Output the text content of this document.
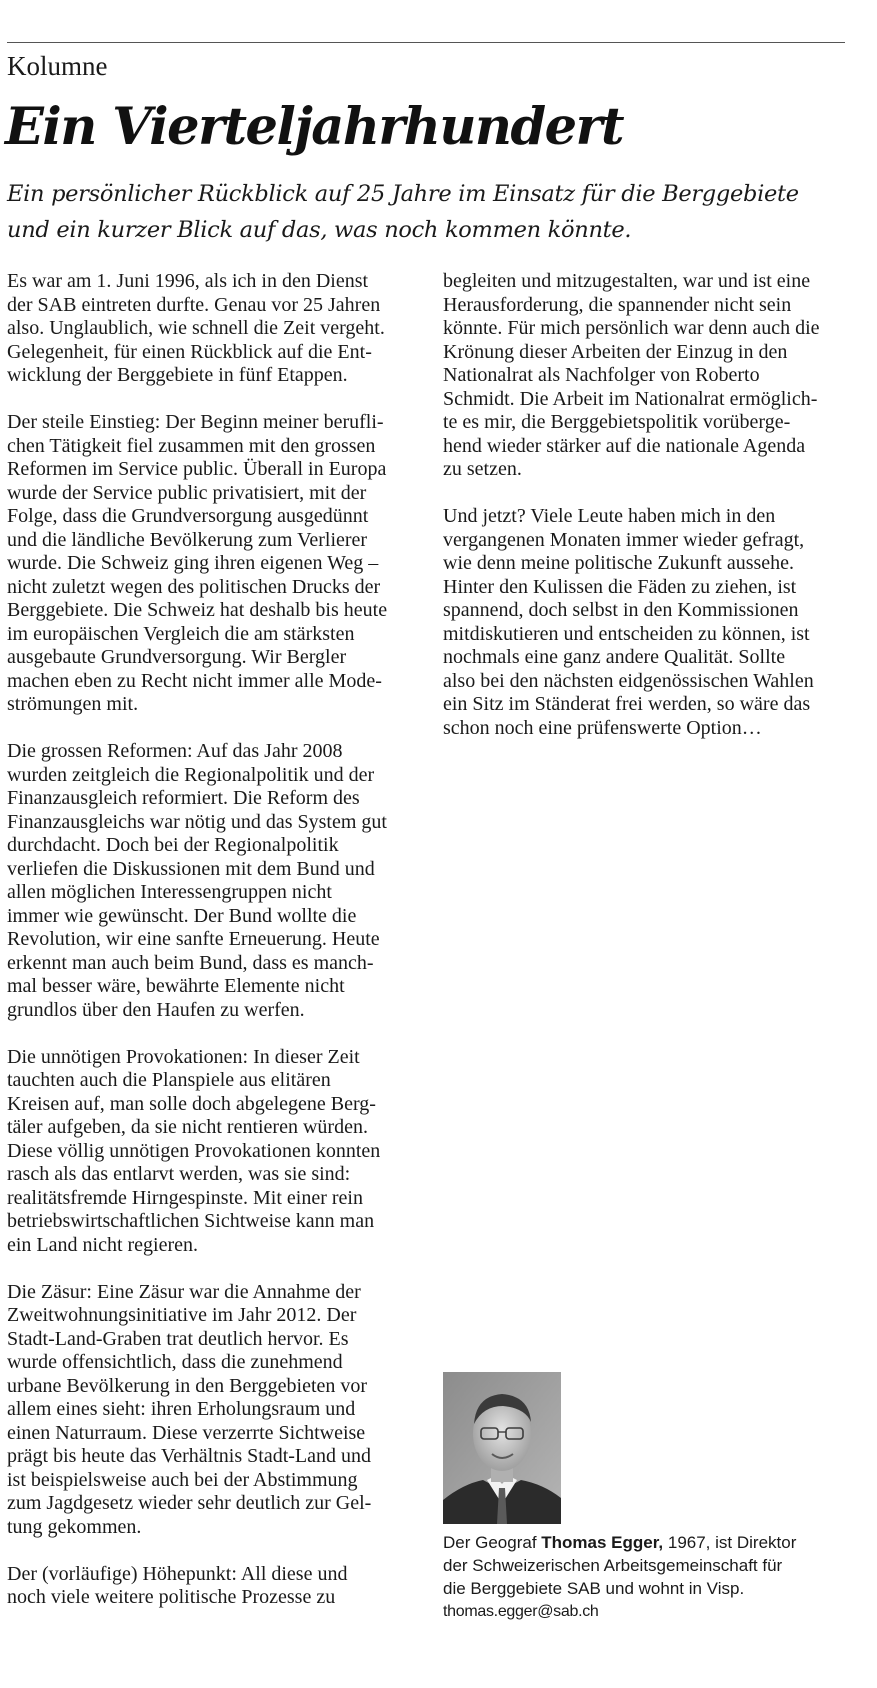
Kolumne
Ein Vierteljahrhundert
Ein persönlicher Rückblick auf 25 Jahre im Einsatz für die Berggebiete
und ein kurzer Blick auf das, was noch kommen könnte.

Es war am 1. Juni 1996, als ich in den Dienst
der SAB eintreten durfte. Genau vor 25 Jahren
also. Unglaublich, wie schnell die Zeit vergeht.
Gelegenheit, für einen Rückblick auf die Ent-
wicklung der Berggebiete in fünf Etappen.

Der steile Einstieg: Der Beginn meiner berufli-
chen Tätigkeit fiel zusammen mit den grossen
Reformen im Service public. Überall in Europa
wurde der Service public privatisiert, mit der
Folge, dass die Grundversorgung ausgedünnt
und die ländliche Bevölkerung zum Verlierer
wurde. Die Schweiz ging ihren eigenen Weg –
nicht zuletzt wegen des politischen Drucks der
Berggebiete. Die Schweiz hat deshalb bis heute
im europäischen Vergleich die am stärksten
ausgebaute Grundversorgung. Wir Bergler
machen eben zu Recht nicht immer alle Mode-
strömungen mit.

Die grossen Reformen: Auf das Jahr 2008
wurden zeitgleich die Regionalpolitik und der
Finanzausgleich reformiert. Die Reform des
Finanzausgleichs war nötig und das System gut
durchdacht. Doch bei der Regionalpolitik
verliefen die Diskussionen mit dem Bund und
allen möglichen Interessengruppen nicht
immer wie gewünscht. Der Bund wollte die
Revolution, wir eine sanfte Erneuerung. Heute
erkennt man auch beim Bund, dass es manch-
mal besser wäre, bewährte Elemente nicht
grundlos über den Haufen zu werfen.

Die unnötigen Provokationen: In dieser Zeit
tauchten auch die Planspiele aus elitären
Kreisen auf, man solle doch abgelegene Berg-
täler aufgeben, da sie nicht rentieren würden.
Diese völlig unnötigen Provokationen konnten
rasch als das entlarvt werden, was sie sind:
realitätsfremde Hirngespinste. Mit einer rein
betriebswirtschaftlichen Sichtweise kann man
ein Land nicht regieren.

Die Zäsur: Eine Zäsur war die Annahme der
Zweitwohnungsinitiative im Jahr 2012. Der
Stadt-Land-Graben trat deutlich hervor. Es
wurde offensichtlich, dass die zunehmend
urbane Bevölkerung in den Berggebieten vor
allem eines sieht: ihren Erholungsraum und
einen Naturraum. Diese verzerrte Sichtweise
prägt bis heute das Verhältnis Stadt-Land und
ist beispielsweise auch bei der Abstimmung
zum Jagdgesetz wieder sehr deutlich zur Gel-
tung gekommen.

Der (vorläufige) Höhepunkt: All diese und
noch viele weitere politische Prozesse zu

begleiten und mitzugestalten, war und ist eine
Herausforderung, die spannender nicht sein
könnte. Für mich persönlich war denn auch die
Krönung dieser Arbeiten der Einzug in den
Nationalrat als Nachfolger von Roberto
Schmidt. Die Arbeit im Nationalrat ermöglich-
te es mir, die Berggebietspolitik vorüberge-
hend wieder stärker auf die nationale Agenda
zu setzen.

Und jetzt? Viele Leute haben mich in den
vergangenen Monaten immer wieder gefragt,
wie denn meine politische Zukunft aussehe.
Hinter den Kulissen die Fäden zu ziehen, ist
spannend, doch selbst in den Kommissionen
mitdiskutieren und entscheiden zu können, ist
nochmals eine ganz andere Qualität. Sollte
also bei den nächsten eidgenössischen Wahlen
ein Sitz im Ständerat frei werden, so wäre das
schon noch eine prüfenswerte Option…

Der Geograf Thomas Egger, 1967, ist Direktor
der Schweizerischen Arbeitsgemeinschaft für
die Berggebiete SAB und wohnt in Visp.
thomas.egger@sab.ch
